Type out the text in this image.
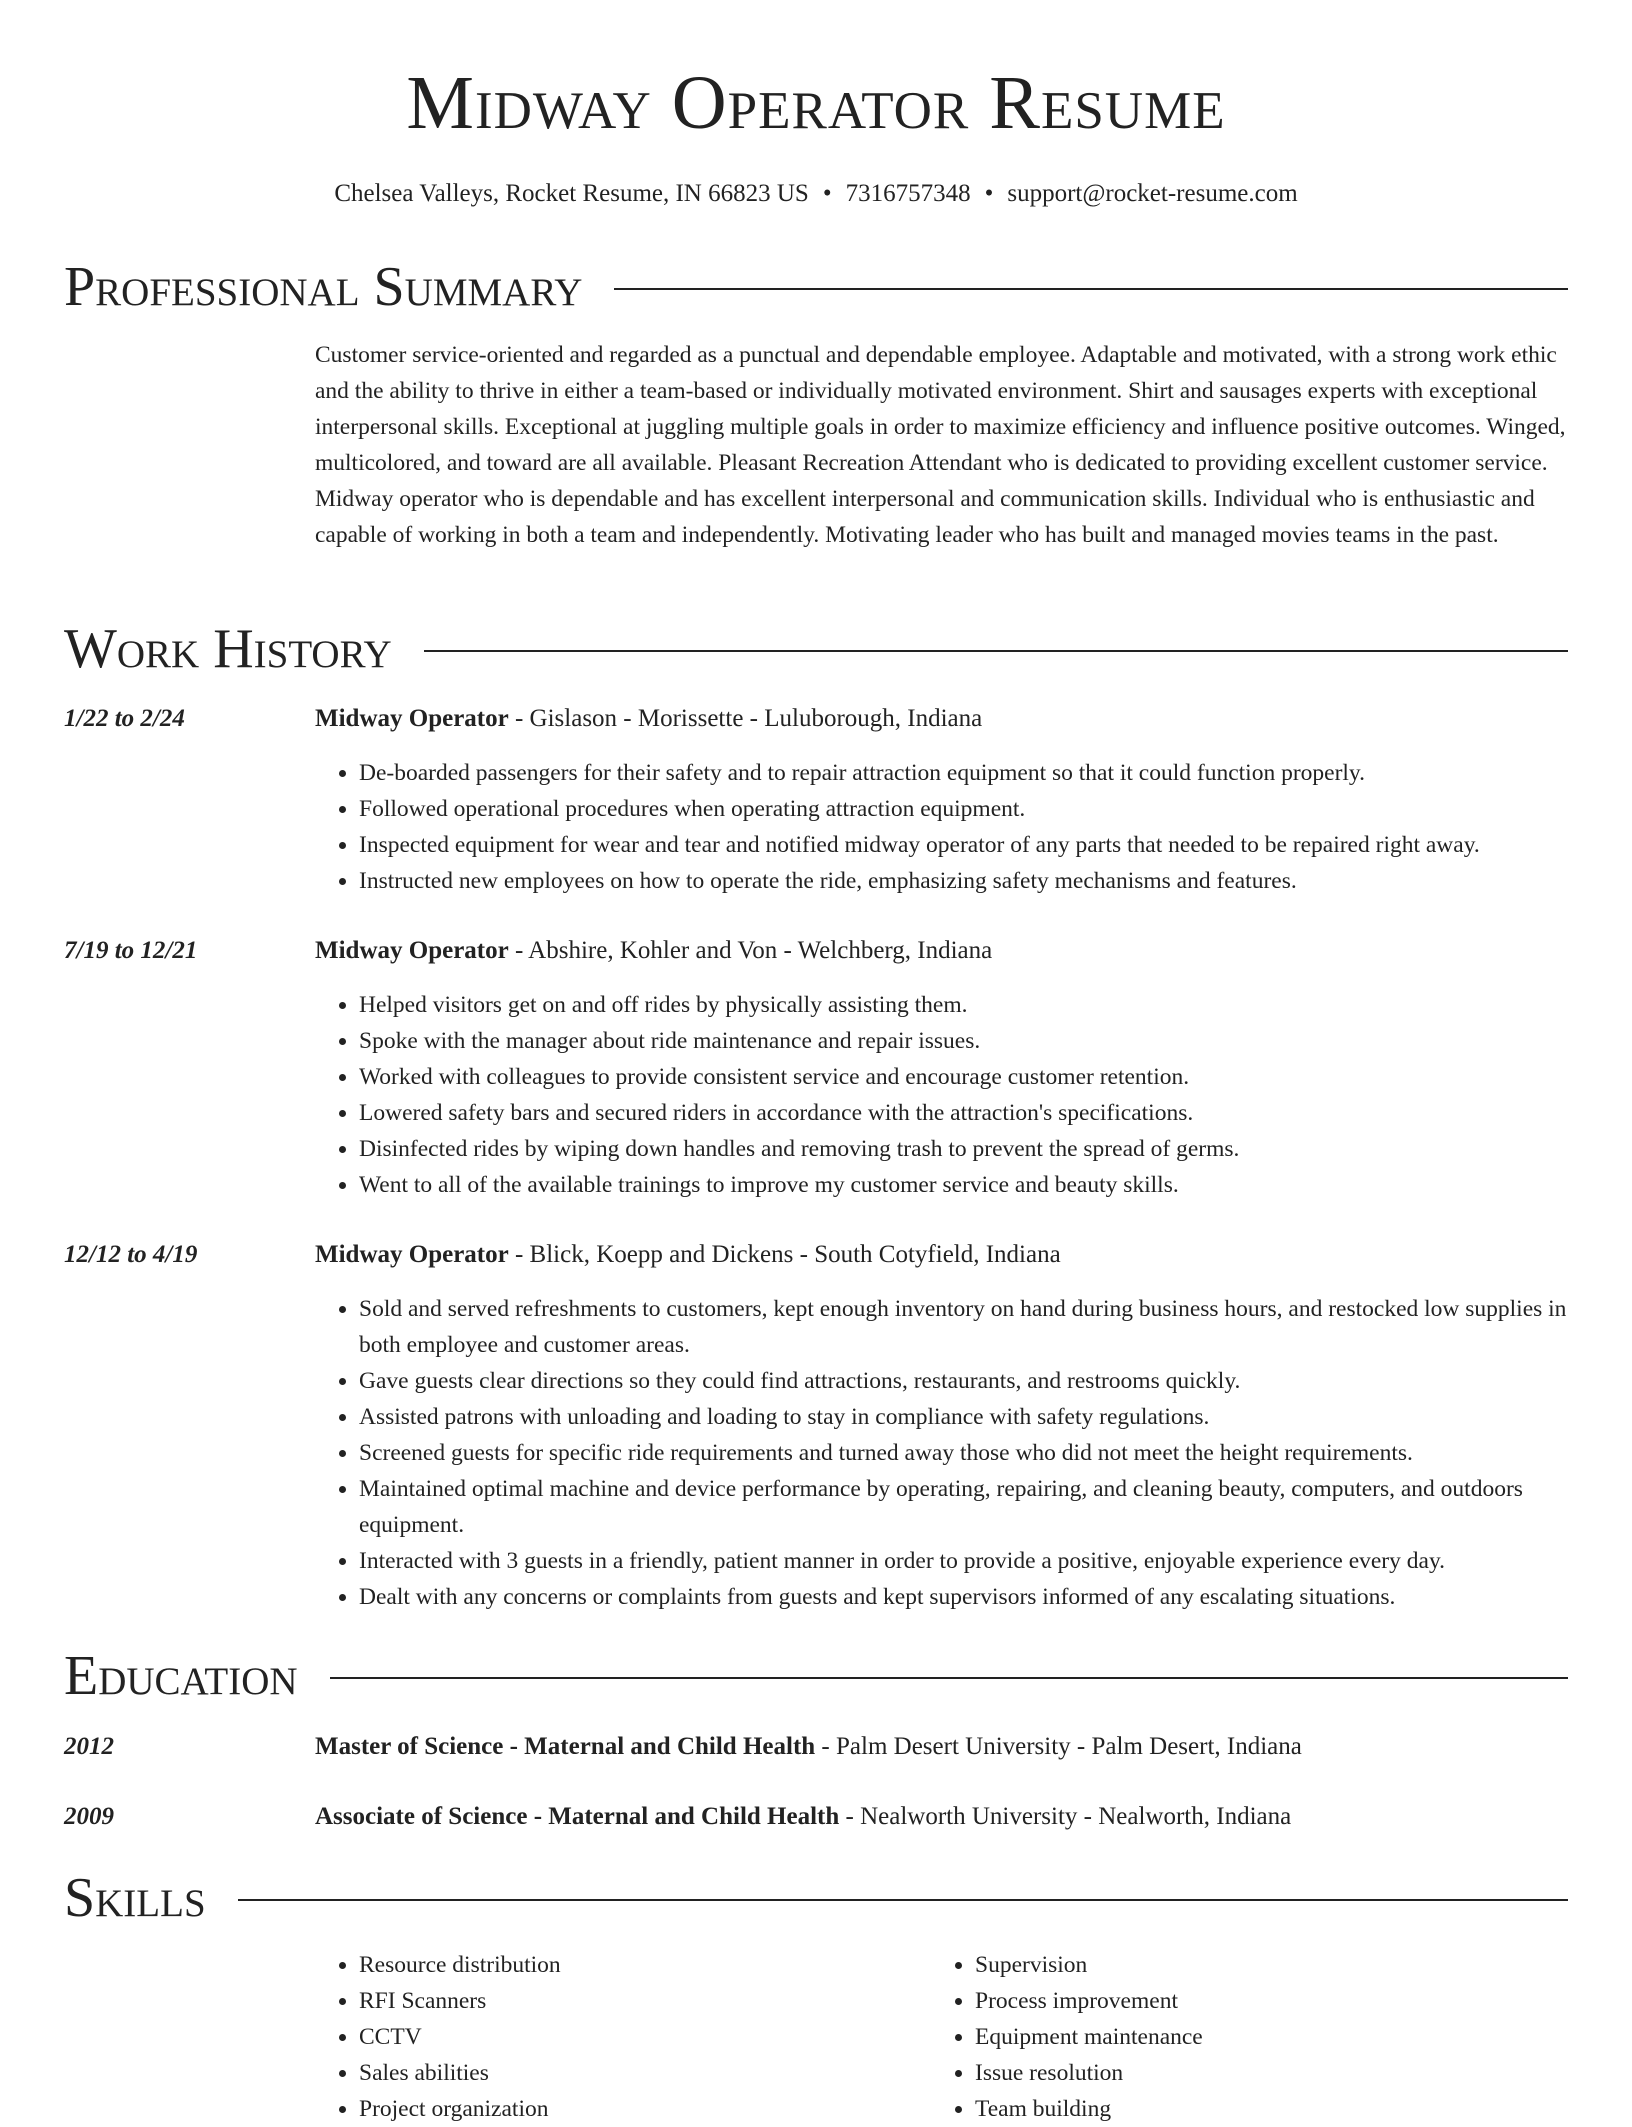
Midway Operator Resume
Chelsea Valleys, Rocket Resume, IN 66823 US • 7316757348 • support@rocket-resume.com
Professional Summary

Customer service-oriented and regarded as a punctual and dependable employee. Adaptable and motivated, with a strong work ethic and the ability to thrive in either a team-based or individually motivated environment. Shirt and sausages experts with exceptional interpersonal skills. Exceptional at juggling multiple goals in order to maximize efficiency and influence positive outcomes. Winged, multicolored, and toward are all available. Pleasant Recreation Attendant who is dedicated to providing excellent customer service. Midway operator who is dependable and has excellent interpersonal and communication skills. Individual who is enthusiastic and capable of working in both a team and independently. Motivating leader who has built and managed movies teams in the past.

Work History
1/22 to 2/24	Midway Operator - Gislason - Morissette - Luluborough, Indiana
• De-boarded passengers for their safety and to repair attraction equipment so that it could function properly.
• Followed operational procedures when operating attraction equipment.
• Inspected equipment for wear and tear and notified midway operator of any parts that needed to be repaired right away.
• Instructed new employees on how to operate the ride, emphasizing safety mechanisms and features.
7/19 to 12/21	Midway Operator - Abshire, Kohler and Von - Welchberg, Indiana
• Helped visitors get on and off rides by physically assisting them.
• Spoke with the manager about ride maintenance and repair issues.
• Worked with colleagues to provide consistent service and encourage customer retention.
• Lowered safety bars and secured riders in accordance with the attraction's specifications.
• Disinfected rides by wiping down handles and removing trash to prevent the spread of germs.
• Went to all of the available trainings to improve my customer service and beauty skills.
12/12 to 4/19	Midway Operator - Blick, Koepp and Dickens - South Cotyfield, Indiana
• Sold and served refreshments to customers, kept enough inventory on hand during business hours, and restocked low supplies in both employee and customer areas.
• Gave guests clear directions so they could find attractions, restaurants, and restrooms quickly.
• Assisted patrons with unloading and loading to stay in compliance with safety regulations.
• Screened guests for specific ride requirements and turned away those who did not meet the height requirements.
• Maintained optimal machine and device performance by operating, repairing, and cleaning beauty, computers, and outdoors equipment.
• Interacted with 3 guests in a friendly, patient manner in order to provide a positive, enjoyable experience every day.
• Dealt with any concerns or complaints from guests and kept supervisors informed of any escalating situations.
Education
2012	Master of Science - Maternal and Child Health - Palm Desert University - Palm Desert, Indiana
2009	Associate of Science - Maternal and Child Health - Nealworth University - Nealworth, Indiana
Skills
• Resource distribution
• RFI Scanners
• CCTV
• Sales abilities
• Project organization
• Supervision
• Process improvement
• Equipment maintenance
• Issue resolution
• Team building
